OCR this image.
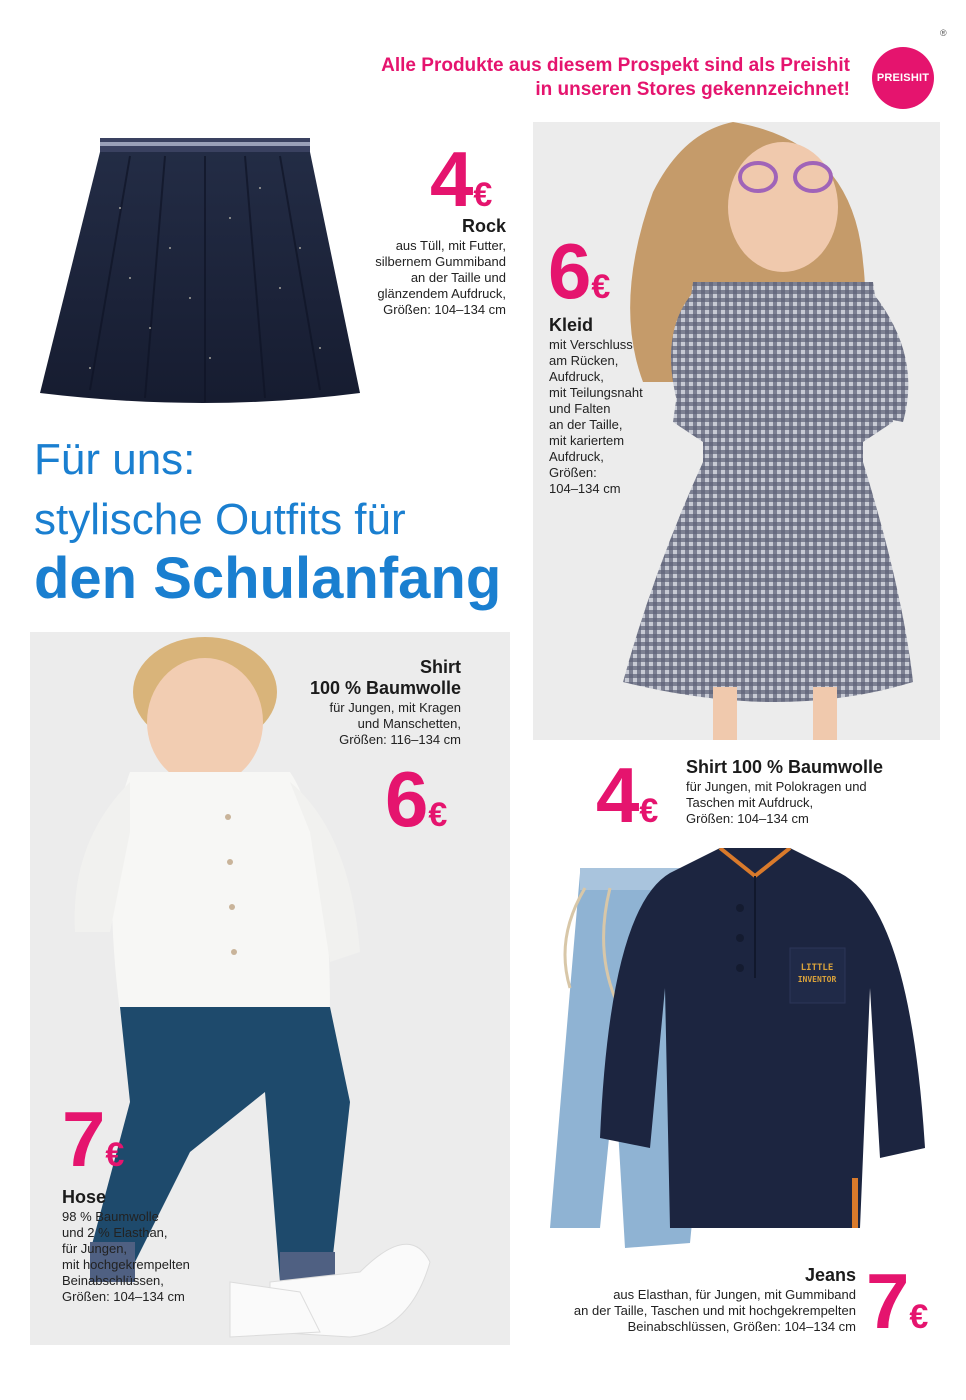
Alle Produkte aus diesem Prospekt sind als Preishit
in unseren Stores gekennzeichnet!
PREISHIT
®
4€
Rock
aus Tüll, mit Futter,
silbernem Gummiband
an der Taille und
glänzendem Aufdruck,
Größen: 104–134 cm 6€
Kleid
mit Verschluss
am Rücken,
Aufdruck,
mit Teilungsnaht
und Falten
an der Taille,
mit kariertem
Aufdruck,
Größen:
104–134 cm
Für uns:
stylische Outfits für
den Schulanfang
Shirt
100 % Baumwolle
für Jungen, mit Kragen
und Manschetten,
Größen: 116–134 cm
6€ 4€
Shirt 100 % Baumwolle
für Jungen, mit Polokragen und
Taschen mit Aufdruck,
Größen: 104–134 cm
LITTLE
INVENTOR
7€
Hose
98 % Baumwolle
und 2 % Elasthan,
für Jungen,
mit hochgekrempelten
Beinabschlüssen,
Größen: 104–134 cm
Jeans
aus Elasthan, für Jungen, mit Gummiband
an der Taille, Taschen und mit hochgekrempelten
Beinabschlüssen, Größen: 104–134 cm 7€
